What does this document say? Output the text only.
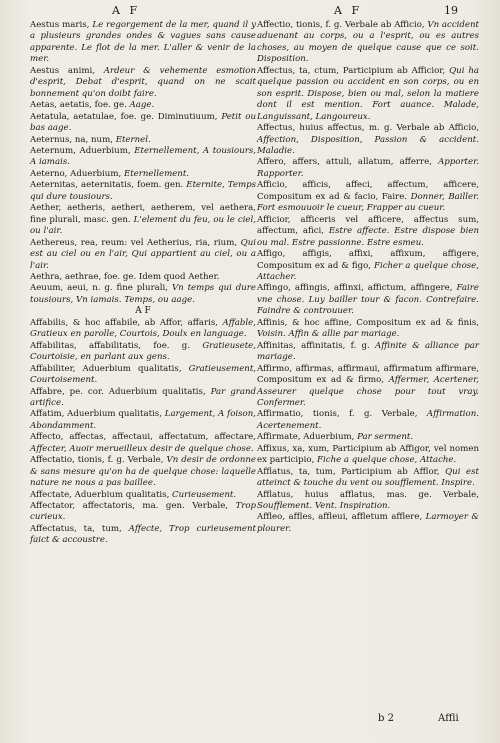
A F	A F	19
Aestus maris, Le regorgement de la mer, quand il y a plusieurs grandes ondes & vagues sans cause apparente. Le flot de la mer. L'aller & venir de la mer.
Aestus animi, Ardeur & vehemente esmotion d'esprit, Debat d'esprit, quand on ne scait bonnement qu'on doibt faire.
Aetas, aetatis, foe. ge. Aage.
Aetatula, aetatulae, foe. ge. Diminutiuum, Petit ou bas aage.
Aeternus, na, num, Eternel.
Aeternum, Aduerbium, Eternellement, A tousiours, A iamais.
Aeterno, Aduerbium, Eternellement.
Aeternitas, aeternitatis, foem. gen. Eternite, Temps qui dure tousiours.
Aether, aetheris, aetheri, aetherem, vel aethera, fine plurali, masc. gen. L'element du feu, ou le ciel, ou l'air.
Aethereus, rea, reum: vel Aetherius, ria, rium, Qui est au ciel ou en l'air, Qui appartient au ciel, ou a l'air.
Aethra, aethrae, foe. ge. Idem quod Aether.
Aeuum, aeui, n. g. fine plurali, Vn temps qui dure tousiours, Vn iamais. Temps, ou aage.
A F
Affabilis, & hoc affabile, ab Affor, affaris, Affable, Gratieux en parolle, Courtois, Doulx en language.
Affabilitas, affabilitatis, foe. g. Gratieusete, Courtoisie, en parlant aux gens.
Affabiliter, Aduerbium qualitatis, Gratieusement, Courtoisement.
Affabre, pe. cor. Aduerbium qualitatis, Par grand artifice.
Affatim, Aduerbium qualitatis, Largement, A foison, Abondamment.
Affecto, affectas, affectaui, affectatum, affectare, Affecter, Auoir merueilleux desir de quelque chose.
Affectatio, tionis, f. g. Verbale, Vn desir de ordonne & sans mesure qu'on ha de quelque chose: laquelle nature ne nous a pas baillee.
Affectate, Aduerbium qualitatis, Curieusement.
Affectator, affectatoris, ma. gen. Verbale, Trop curieux.
Affectatus, ta, tum, Affecte, Trop curieusement faict & accoustre.
Affectio, tionis, f. g. Verbale ab Afficio, Vn accident aduenant au corps, ou a l'esprit, ou es autres choses, au moyen de quelque cause que ce soit. Disposition.
Affectus, ta, ctum, Participium ab Afficior, Qui ha quelque passion ou accident en son corps, ou en son esprit. Dispose, bien ou mal, selon la matiere dont il est mention. Fort auance. Malade, Languissant, Langoureux.
Affectus, huius affectus, m. g. Verbale ab Afficio, Affection, Disposition, Passion & accident. Maladie.
Affero, affers, attuli, allatum, afferre, Apporter. Rapporter.
Afficio, afficis, affeci, affectum, afficere, Compositum ex ad & facio, Faire. Donner, Bailler. Fort esmouuoir le cueur, Frapper au cueur.
Afficior, afficeris vel afficere, affectus sum, affectum, afici, Estre affecte. Estre dispose bien ou mal. Estre passionne. Estre esmeu.
Affigo, affigis, affixi, affixum, affigere, Compositum ex ad & figo, Ficher a quelque chose, Attacher.
Affingo, affingis, affinxi, affictum, affingere, Faire vne chose. Luy bailler tour & facon. Contrefaire. Faindre & controuuer.
Affinis, & hoc affine, Compositum ex ad & finis, Voisin. Affin & allie par mariage.
Affinitas, affinitatis, f. g. Affinite & alliance par mariage.
Affirmo, affirmas, affirmaui, affirmatum affirmare, Compositum ex ad & firmo, Affermer, Acertener, Asseurer quelque chose pour tout vray. Confermer.
Affirmatio, tionis, f. g. Verbale, Affirmation. Acertenement.
Affirmate, Aduerbium, Par serment.
Affixus, xa, xum, Participium ab Affigor, vel nomen ex participio, Fiche a quelque chose, Attache.
Afflatus, ta, tum, Participium ab Afflor, Qui est atteinct & touche du vent ou soufflement. Inspire.
Afflatus, huius afflatus, mas. ge. Verbale, Soufflement. Vent. Inspiration.
Affleo, affles, affleui, affletum afflere, Larmoyer & plourer.
b 2	Affli
